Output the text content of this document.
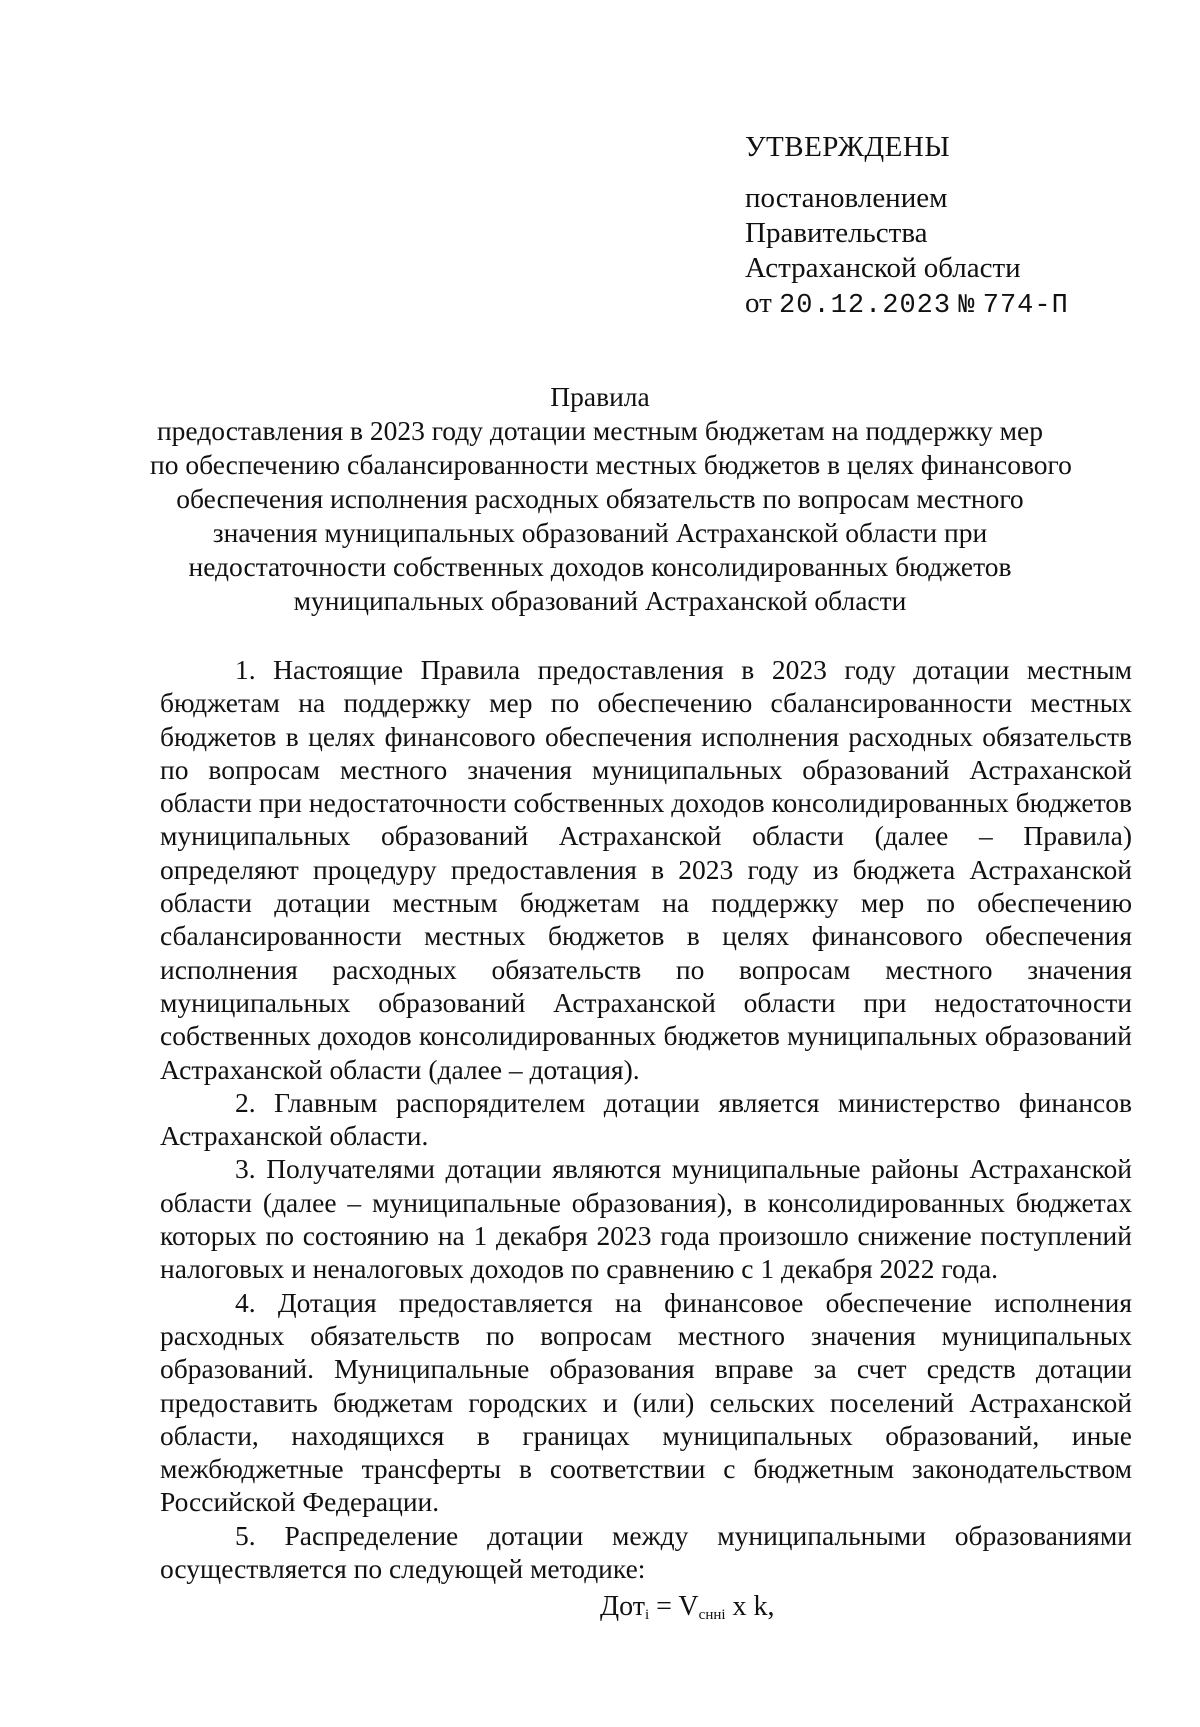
УТВЕРЖДЕНЫ
постановлением
Правительства
Астраханской области
от 20.12.2023 № 774-П
Правила
предоставления в 2023 году дотации местным бюджетам на поддержку мер
по обеспечению сбалансированности местных бюджетов в целях финансового
обеспечения исполнения расходных обязательств по вопросам местного
значения муниципальных образований Астраханской области при
недостаточности собственных доходов консолидированных бюджетов
муниципальных образований Астраханской области

1. Настоящие Правила предоставления в 2023 году дотации местным бюджетам на поддержку мер по обеспечению сбалансированности местных бюджетов в целях финансового обеспечения исполнения расходных обязательств по вопросам местного значения муниципальных образований Астраханской области при недостаточности собственных доходов консолидированных бюджетов муниципальных образований Астраханской области (далее – Правила) определяют процедуру предоставления в 2023 году из бюджета Астраханской области дотации местным бюджетам на поддержку мер по обеспечению сбалансированности местных бюджетов в целях финансового обеспечения исполнения расходных обязательств по вопросам местного значения муниципальных образований Астраханской области при недостаточности собственных доходов консолидированных бюджетов муниципальных образований Астраханской области (далее – дотация).

2. Главным распорядителем дотации является министерство финансов Астраханской области.

3. Получателями дотации являются муниципальные районы Астраханской области (далее – муниципальные образования), в консолидированных бюджетах которых по состоянию на 1 декабря 2023 года произошло снижение поступлений налоговых и неналоговых доходов по сравнению с 1 декабря 2022 года.

4. Дотация предоставляется на финансовое обеспечение исполнения расходных обязательств по вопросам местного значения муниципальных образований. Муниципальные образования вправе за счет средств дотации предоставить бюджетам городских и (или) сельских поселений Астраханской области, находящихся в границах муниципальных образований, иные межбюджетные трансферты в соответствии с бюджетным законодательством Российской Федерации.

5. Распределение дотации между муниципальными образованиями осуществляется по следующей методике:

$Дот_i = V_{снні}$ x k,
